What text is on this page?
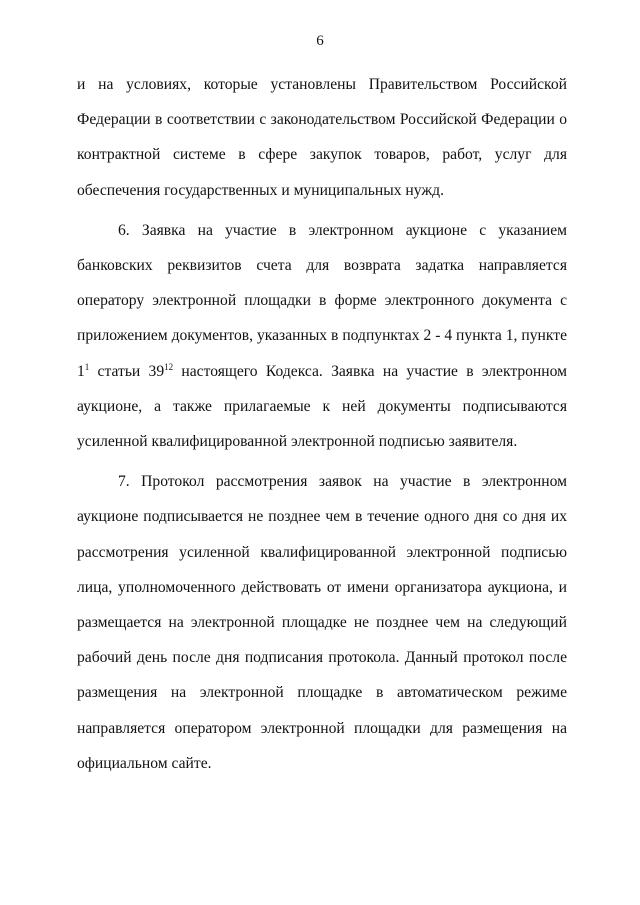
6

и на условиях, которые установлены Правительством Российской Федерации в соответствии с законодательством Российской Федерации о контрактной системе в сфере закупок товаров, работ, услуг для обеспечения государственных и муниципальных нужд.

6. Заявка на участие в электронном аукционе с указанием банковских реквизитов счета для возврата задатка направляется оператору электронной площадки в форме электронного документа с приложением документов, указанных в подпунктах 2 - 4 пункта 1, пункте $1^1$ статьи $39^{12}$ настоящего Кодекса. Заявка на участие в электронном аукционе, а также прилагаемые к ней документы подписываются усиленной квалифицированной электронной подписью заявителя.

7. Протокол рассмотрения заявок на участие в электронном аукционе подписывается не позднее чем в течение одного дня со дня их рассмотрения усиленной квалифицированной электронной подписью лица, уполномоченного действовать от имени организатора аукциона, и размещается на электронной площадке не позднее чем на следующий рабочий день после дня подписания протокола. Данный протокол после размещения на электронной площадке в автоматическом режиме направляется оператором электронной площадки для размещения на официальном сайте.
